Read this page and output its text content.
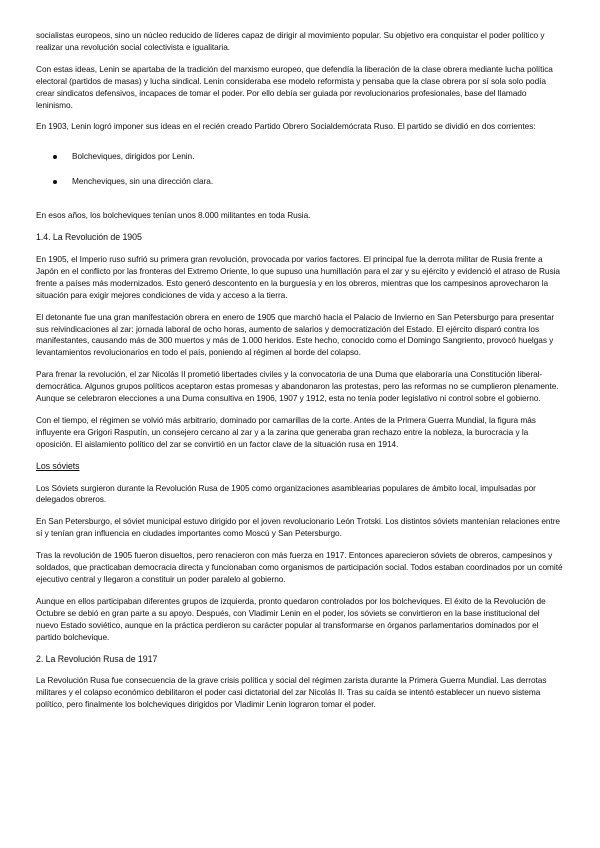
socialistas europeos, sino un núcleo reducido de líderes capaz de dirigir al movimiento popular. Su objetivo era conquistar el poder político y realizar una revolución social colectivista e igualitaria.

Con estas ideas, Lenin se apartaba de la tradición del marxismo europeo, que defendía la liberación de la clase obrera mediante lucha política electoral (partidos de masas) y lucha sindical. Lenin consideraba ese modelo reformista y pensaba que la clase obrera por sí sola solo podía crear sindicatos defensivos, incapaces de tomar el poder. Por ello debía ser guiada por revolucionarios profesionales, base del llamado leninismo.

En 1903, Lenin logró imponer sus ideas en el recién creado Partido Obrero Socialdemócrata Ruso. El partido se dividió en dos corrientes:

Bolcheviques, dirigidos por Lenin.
Mencheviques, sin una dirección clara.

En esos años, los bolcheviques tenían unos 8.000 militantes en toda Rusia.

1.4. La Revolución de 1905

En 1905, el Imperio ruso sufrió su primera gran revolución, provocada por varios factores. El principal fue la derrota militar de Rusia frente a Japón en el conflicto por las fronteras del Extremo Oriente, lo que supuso una humillación para el zar y su ejército y evidenció el atraso de Rusia frente a países más modernizados. Esto generó descontento en la burguesía y en los obreros, mientras que los campesinos aprovecharon la situación para exigir mejores condiciones de vida y acceso a la tierra.

El detonante fue una gran manifestación obrera en enero de 1905 que marchó hacia el Palacio de Invierno en San Petersburgo para presentar sus reivindicaciones al zar: jornada laboral de ocho horas, aumento de salarios y democratización del Estado. El ejército disparó contra los manifestantes, causando más de 300 muertos y más de 1.000 heridos. Este hecho, conocido como el Domingo Sangriento, provocó huelgas y levantamientos revolucionarios en todo el país, poniendo al régimen al borde del colapso.

Para frenar la revolución, el zar Nicolás II prometió libertades civiles y la convocatoria de una Duma que elaboraría una Constitución liberal-democrática. Algunos grupos políticos aceptaron estas promesas y abandonaron las protestas, pero las reformas no se cumplieron plenamente. Aunque se celebraron elecciones a una Duma consultiva en 1906, 1907 y 1912, esta no tenía poder legislativo ni control sobre el gobierno.

Con el tiempo, el régimen se volvió más arbitrario, dominado por camarillas de la corte. Antes de la Primera Guerra Mundial, la figura más influyente era Grigori Rasputín, un consejero cercano al zar y a la zarina que generaba gran rechazo entre la nobleza, la burocracia y la oposición. El aislamiento político del zar se convirtió en un factor clave de la situación rusa en 1914.

Los sóviets

Los Sóviets surgieron durante la Revolución Rusa de 1905 como organizaciones asamblearias populares de ámbito local, impulsadas por delegados obreros.

En San Petersburgo, el sóviet municipal estuvo dirigido por el joven revolucionario León Trotski. Los distintos sóviets mantenían relaciones entre sí y tenían gran influencia en ciudades importantes como Moscú y San Petersburgo.

Tras la revolución de 1905 fueron disueltos, pero renacieron con más fuerza en 1917. Entonces aparecieron sóviets de obreros, campesinos y soldados, que practicaban democracia directa y funcionaban como organismos de participación social. Todos estaban coordinados por un comité ejecutivo central y llegaron a constituir un poder paralelo al gobierno.

Aunque en ellos participaban diferentes grupos de izquierda, pronto quedaron controlados por los bolcheviques. El éxito de la Revolución de Octubre se debió en gran parte a su apoyo. Después, con Vladimir Lenin en el poder, los sóviets se convirtieron en la base institucional del nuevo Estado soviético, aunque en la práctica perdieron su carácter popular al transformarse en órganos parlamentarios dominados por el partido bolchevique.

2. La Revolución Rusa de 1917

La Revolución Rusa fue consecuencia de la grave crisis política y social del régimen zarista durante la Primera Guerra Mundial. Las derrotas militares y el colapso económico debilitaron el poder casi dictatorial del zar Nicolás II. Tras su caída se intentó establecer un nuevo sistema político, pero finalmente los bolcheviques dirigidos por Vladimir Lenin lograron tomar el poder.
